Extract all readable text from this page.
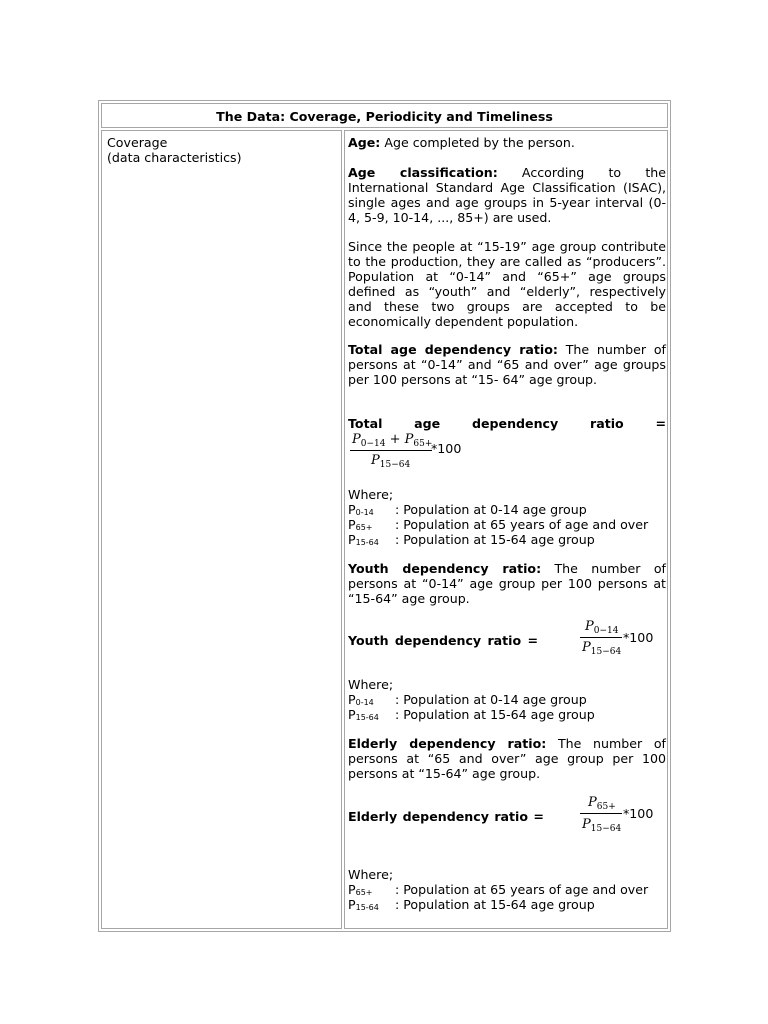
The Data: Coverage, Periodicity and Timeliness
Coverage
(data characteristics)
Age: Age completed by the person.
Age classification: According to the International Standard Age Classification (ISAC), single ages and age groups in 5-year interval (0-4, 5-9, 10-14, ..., 85+) are used.
Since the people at “15-19” age group contribute to the production, they are called as “producers”. Population at “0-14” and “65+” age groups defined as “youth” and “elderly”, respectively and these two groups are accepted to be economically dependent population.
Total age dependency ratio: The number of persons at “0-14” and “65 and over” age groups per 100 persons at “15- 64” age group.
Total age dependency ratio =
$P_{0-14} + P_{65+}$
$P_{15-64}$
*100
Where;
$P_{0-14}$ : Population at 0-14 age group
$P_{65+}$ : Population at 65 years of age and over
$P_{15-64}$ : Population at 15-64 age group
Youth dependency ratio: The number of persons at “0-14” age group per 100 persons at “15-64” age group.
Youth dependency ratio =
$P_{0-14}$
$P_{15-64}$
*100
Where;
$P_{0-14}$ : Population at 0-14 age group
$P_{15-64}$ : Population at 15-64 age group
Elderly dependency ratio: The number of persons at “65 and over” age group per 100 persons at “15-64” age group.
Elderly dependency ratio =
$P_{65+}$
$P_{15-64}$
*100
Where;
$P_{65+}$ : Population at 65 years of age and over
$P_{15-64}$ : Population at 15-64 age group
